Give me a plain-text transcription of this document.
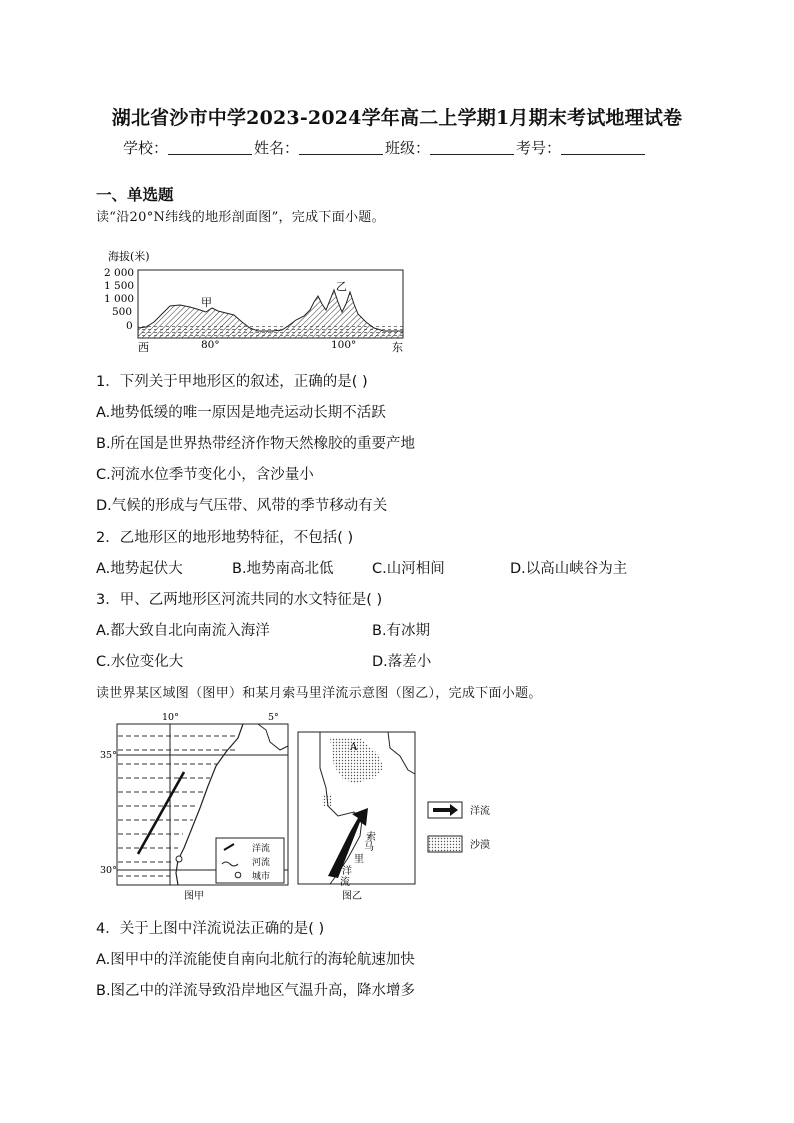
湖北省沙市中学2023-2024学年高二上学期1月期末考试地理试卷
学校：	姓名：	班级：	考号：
一、单选题
读“沿20°N纬线的地形剖面图”，完成下面小题。
海拔(米)
2 000
1 500
1 000
500
0
甲
乙
西	80°	100°	东
1．下列关于甲地形区的叙述，正确的是( )
A.地势低缓的唯一原因是地壳运动长期不活跃
B.所在国是世界热带经济作物天然橡胶的重要产地
C.河流水位季节变化小，含沙量小
D.气候的形成与气压带、风带的季节移动有关
2．乙地形区的地形地势特征，不包括( )
A.地势起伏大	B.地势南高北低	C.山河相间	D.以高山峡谷为主
3．甲、乙两地形区河流共同的水文特征是( )
A.都大致自北向南流入海洋	B.有冰期
C.水位变化大	D.落差小
读世界某区域图（图甲）和某月索马里洋流示意图（图乙），完成下面小题。
10°	5°
35°
30°
洋流
河流
城市
图甲
A
索
马
里
洋
流
图乙
洋流
沙漠
4．关于上图中洋流说法正确的是( )
A.图甲中的洋流能使自南向北航行的海轮航速加快
B.图乙中的洋流导致沿岸地区气温升高，降水增多
